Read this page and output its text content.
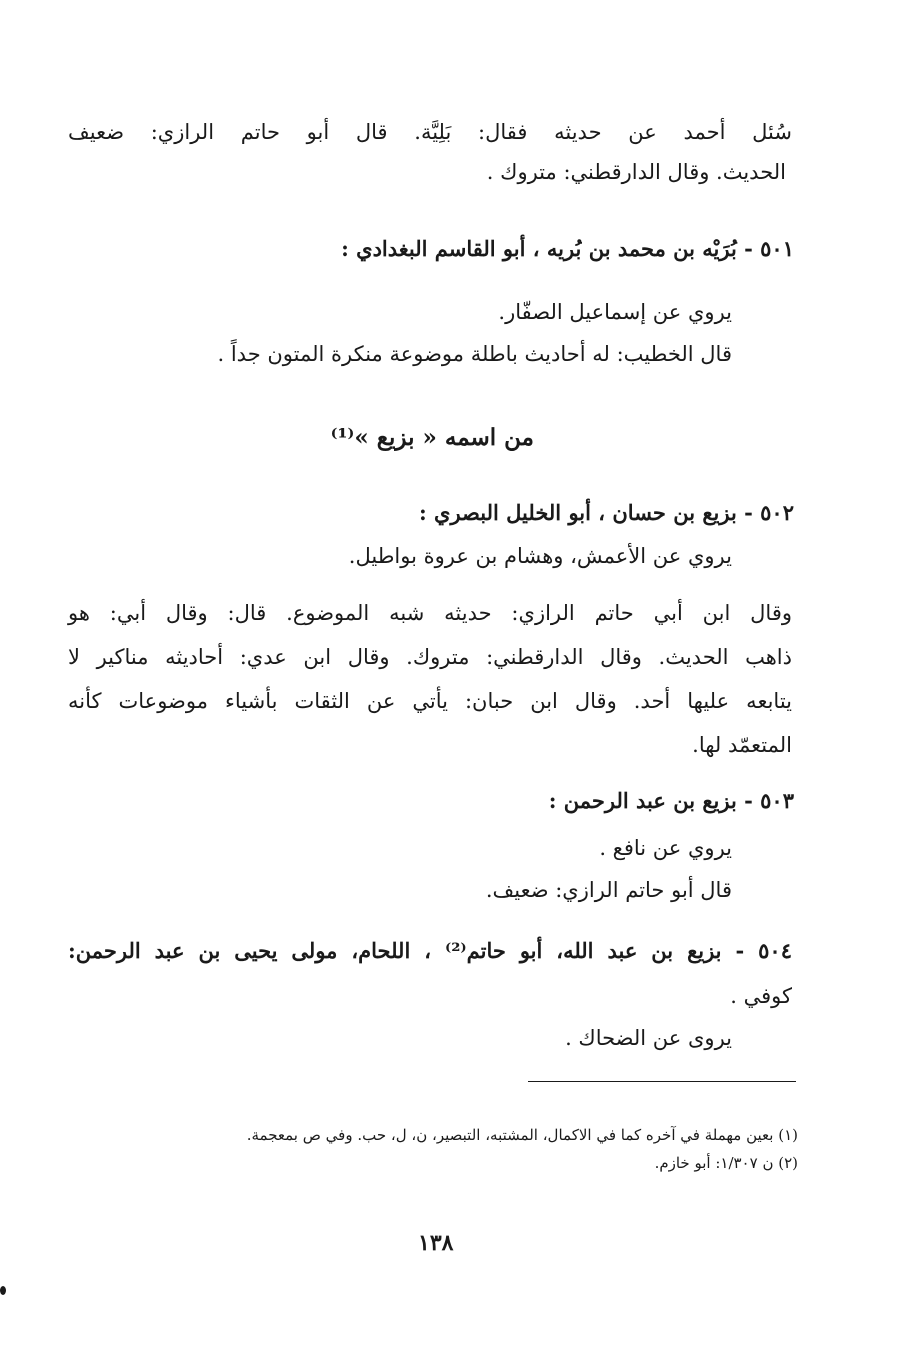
سُئل أحمد عن حديثه فقال: بَلِيَّة. قال أبو حاتم الرازي: ضعيف
الحديث. وقال الدارقطني: متروك .
٥٠١ - بُرَيْه بن محمد بن بُريه ، أبو القاسم البغدادي :
يروي عن إسماعيل الصفّار.
قال الخطيب: له أحاديث باطلة موضوعة منكرة المتون جداً .
من اسمه « بزيع »⁽¹⁾
٥٠٢ - بزيع بن حسان ، أبو الخليل البصري :
يروي عن الأعمش، وهشام بن عروة بواطيل.
وقال ابن أبي حاتم الرازي: حديثه شبه الموضوع. قال: وقال أبي: هو
ذاهب الحديث. وقال الدارقطني: متروك. وقال ابن عدي: أحاديثه مناكير لا
يتابعه عليها أحد. وقال ابن حبان: يأتي عن الثقات بأشياء موضوعات كأنه
المتعمّد لها.
٥٠٣ - بزيع بن عبد الرحمن :
يروي عن نافع .
قال أبو حاتم الرازي: ضعيف.
٥٠٤ - بزيع بن عبد الله، أبو حاتم⁽²⁾ ، اللحام، مولى يحيى بن عبد الرحمن:
كوفي .
يروى عن الضحاك .
(١) بعين مهملة في آخره كما في الاكمال، المشتبه، التبصير، ن، ل، حب. وفي ص بمعجمة.
(٢) ن ١/٣٠٧: أبو خازم.
١٣٨
